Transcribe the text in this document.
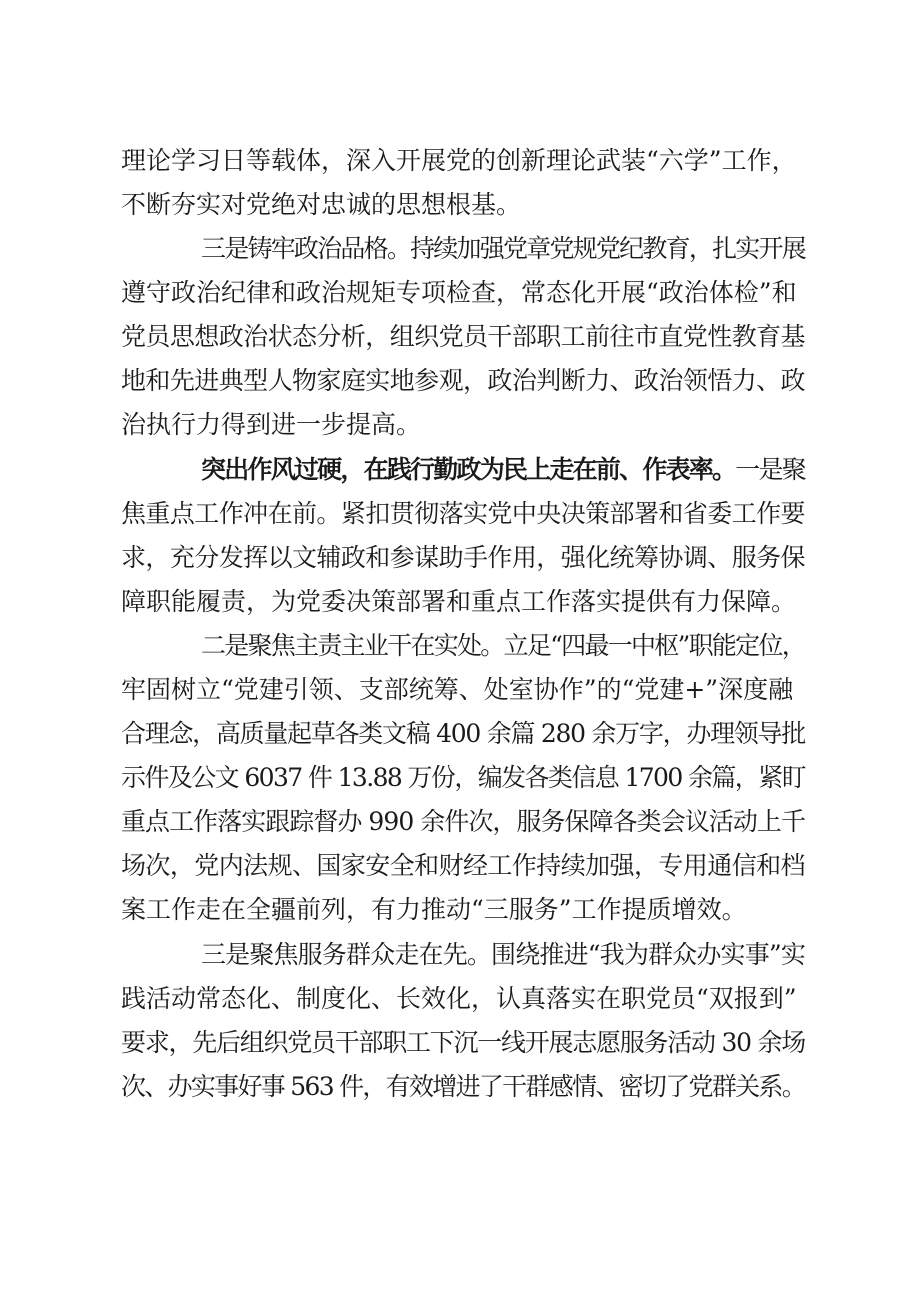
理论学习日等载体，深入开展党的创新理论武装“六学”工作，
不断夯实对党绝对忠诚的思想根基。
三是铸牢政治品格。持续加强党章党规党纪教育，扎实开展
遵守政治纪律和政治规矩专项检查，常态化开展“政治体检”和
党员思想政治状态分析，组织党员干部职工前往市直党性教育基
地和先进典型人物家庭实地参观，政治判断力、政治领悟力、政
治执行力得到进一步提高。
突出作风过硬，在践行勤政为民上走在前、作表率。一是聚
焦重点工作冲在前。紧扣贯彻落实党中央决策部署和省委工作要
求，充分发挥以文辅政和参谋助手作用，强化统筹协调、服务保
障职能履责，为党委决策部署和重点工作落实提供有力保障。
二是聚焦主责主业干在实处。立足“四最一中枢”职能定位，
牢固树立“党建引领、支部统筹、处室协作”的“党建+”深度融
合理念，高质量起草各类文稿 400 余篇 280 余万字，办理领导批
示件及公文 6037 件 13.88 万份，编发各类信息 1700 余篇，紧盯
重点工作落实跟踪督办 990 余件次，服务保障各类会议活动上千
场次，党内法规、国家安全和财经工作持续加强，专用通信和档
案工作走在全疆前列，有力推动“三服务”工作提质增效。
三是聚焦服务群众走在先。围绕推进“我为群众办实事”实
践活动常态化、制度化、长效化，认真落实在职党员“双报到”
要求，先后组织党员干部职工下沉一线开展志愿服务活动 30 余场
次、办实事好事 563 件，有效增进了干群感情、密切了党群关系。
